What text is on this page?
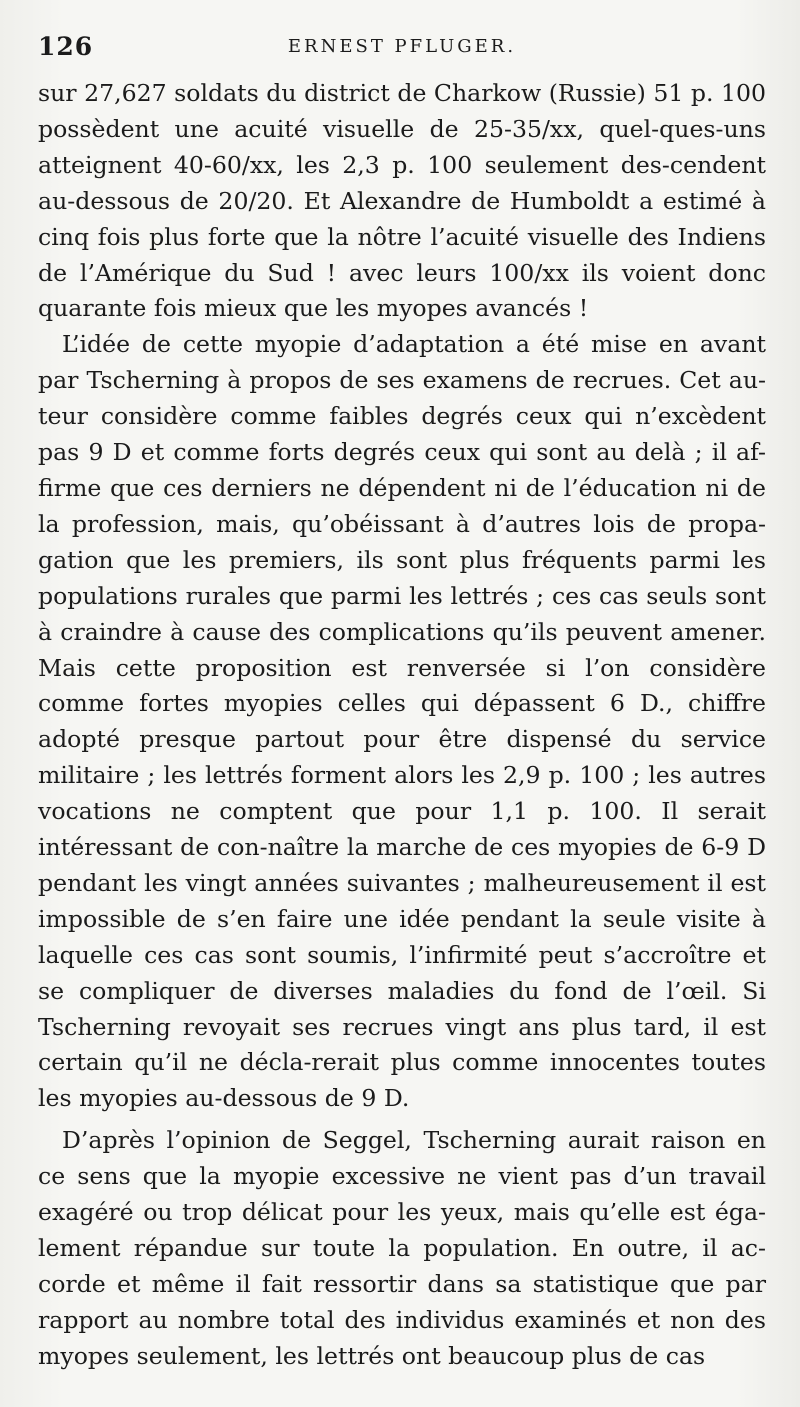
126	ERNEST PFLUGER.

sur 27,627 soldats du district de Charkow (Russie) 51 p. 100 possèdent une acuité visuelle de 25-35/xx, quel-ques-uns atteignent 40-60/xx, les 2,3 p. 100 seulement des-cendent au-dessous de 20/20. Et Alexandre de Humboldt a estimé à cinq fois plus forte que la nôtre l’acuité visuelle des Indiens de l’Amérique du Sud ! avec leurs 100/xx ils voient donc quarante fois mieux que les myopes avancés !

L’idée de cette myopie d’adaptation a été mise en avant par Tscherning à propos de ses examens de recrues. Cet au-teur considère comme faibles degrés ceux qui n’excèdent pas 9 D et comme forts degrés ceux qui sont au delà ; il af-firme que ces derniers ne dépendent ni de l’éducation ni de la profession, mais, qu’obéissant à d’autres lois de propa-gation que les premiers, ils sont plus fréquents parmi les populations rurales que parmi les lettrés ; ces cas seuls sont à craindre à cause des complications qu’ils peuvent amener. Mais cette proposition est renversée si l’on considère comme fortes myopies celles qui dépassent 6 D., chiffre adopté presque partout pour être dispensé du service militaire ; les lettrés forment alors les 2,9 p. 100 ; les autres vocations ne comptent que pour 1,1 p. 100. Il serait intéressant de con-naître la marche de ces myopies de 6-9 D pendant les vingt années suivantes ; malheureusement il est impossible de s’en faire une idée pendant la seule visite à laquelle ces cas sont soumis, l’infirmité peut s’accroître et se compliquer de diverses maladies du fond de l’œil. Si Tscherning revoyait ses recrues vingt ans plus tard, il est certain qu’il ne décla-rerait plus comme innocentes toutes les myopies au-dessous de 9 D.

D’après l’opinion de Seggel, Tscherning aurait raison en ce sens que la myopie excessive ne vient pas d’un travail exagéré ou trop délicat pour les yeux, mais qu’elle est éga-lement répandue sur toute la population. En outre, il ac-corde et même il fait ressortir dans sa statistique que par rapport au nombre total des individus examinés et non des myopes seulement, les lettrés ont beaucoup plus de cas
